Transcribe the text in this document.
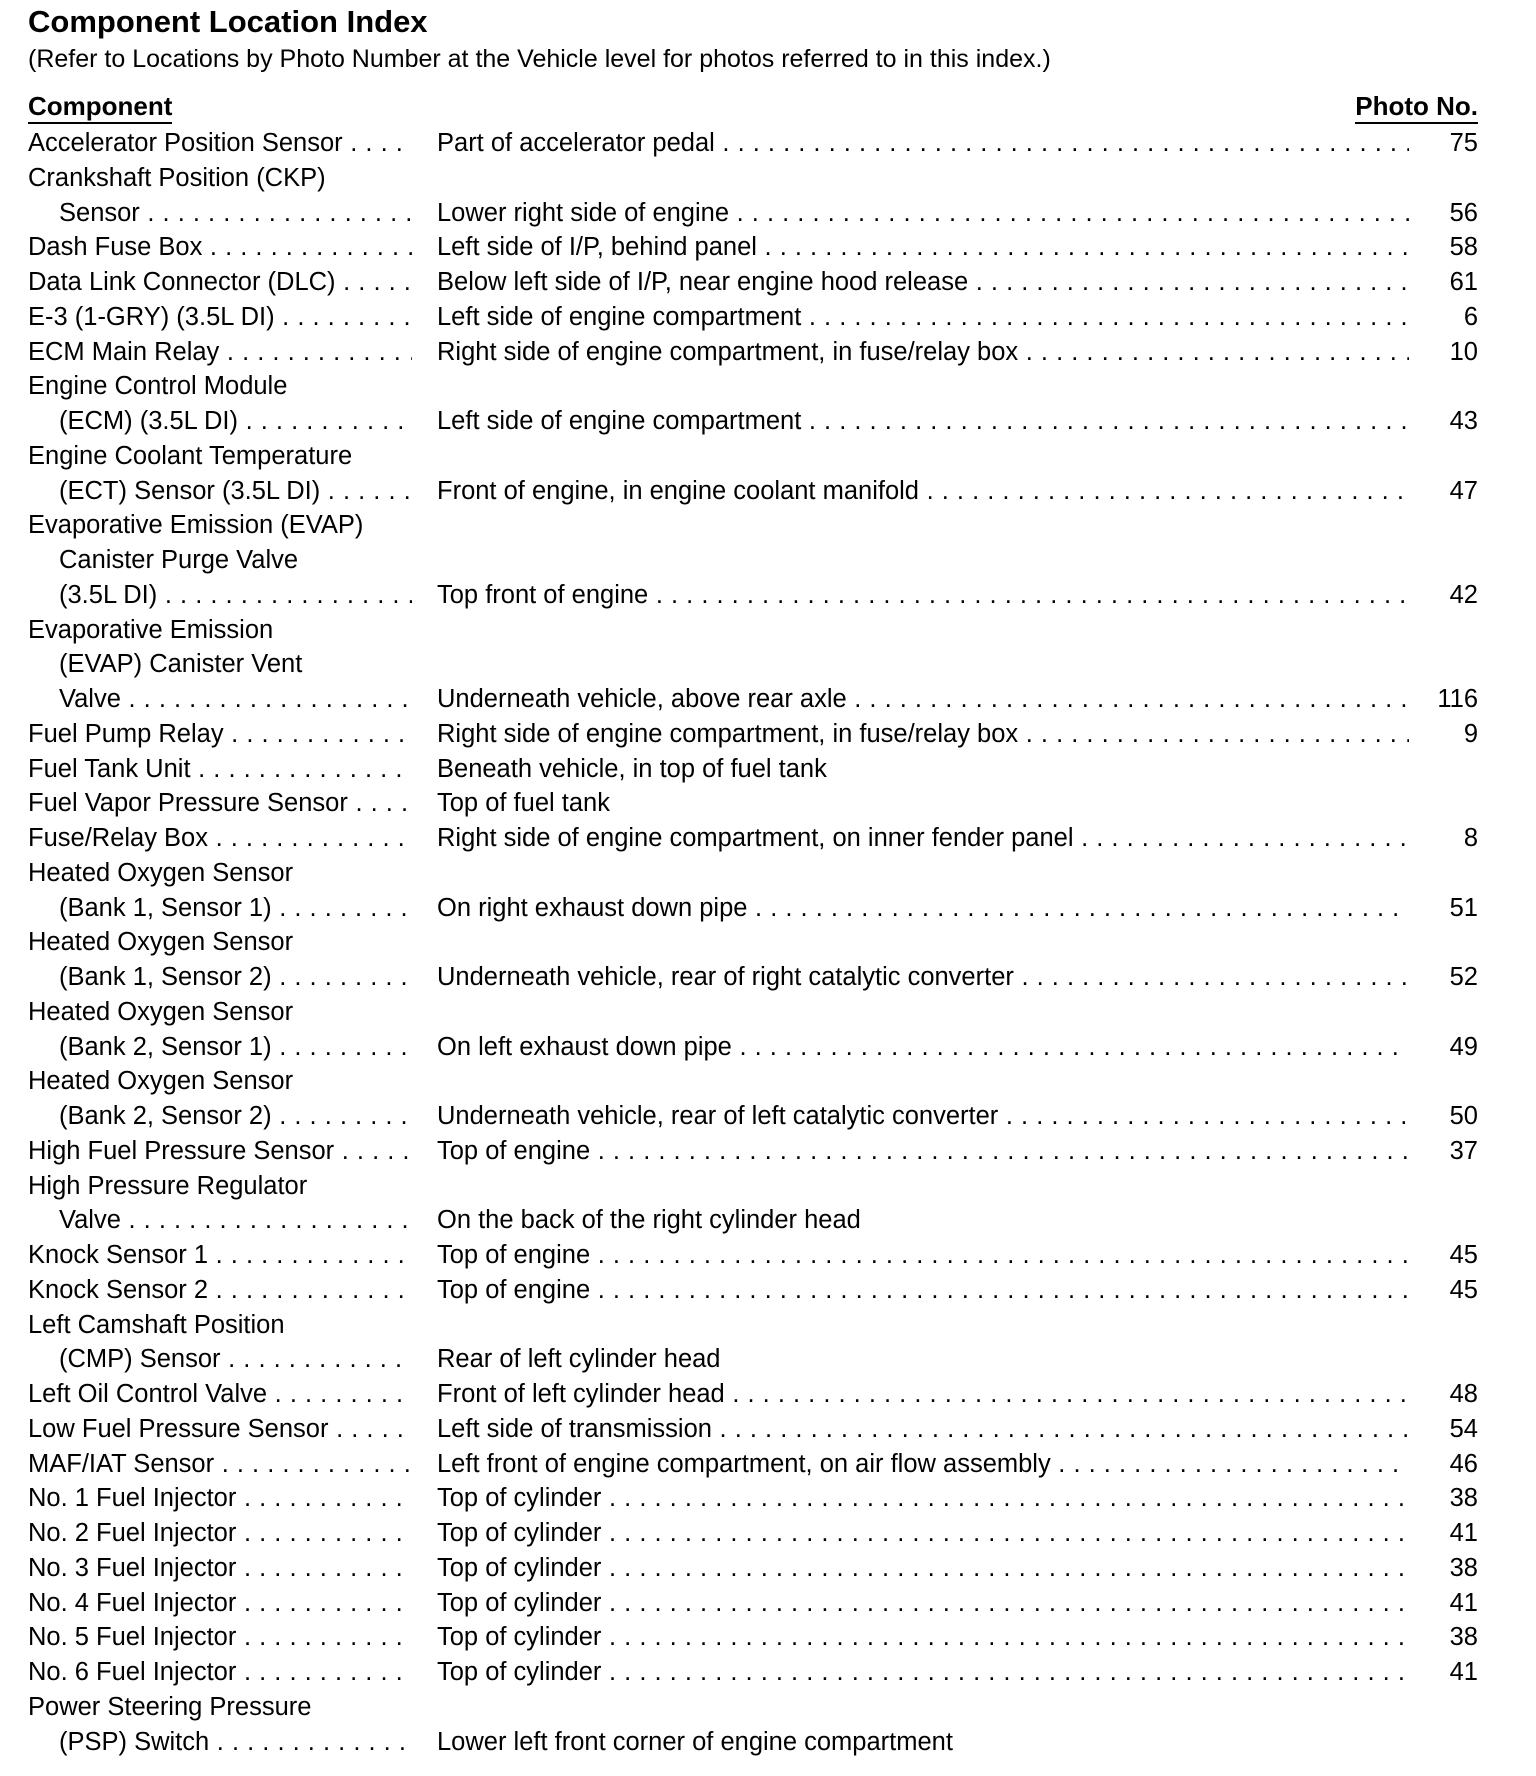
Component Location Index

(Refer to Locations by Photo Number at the Vehicle level for photos referred to in this index.)

Component	Photo No.
Accelerator Position Sensor . . .	Part of accelerator pedal . . .	75
Crankshaft Position (CKP)
Sensor . . .	Lower right side of engine . . .	56
Dash Fuse Box . . .	Left side of I/P, behind panel . . .	58
Data Link Connector (DLC) . . .	Below left side of I/P, near engine hood release . . .	61
E-3 (1-GRY) (3.5L DI) . . .	Left side of engine compartment . . .	6
ECM Main Relay . . .	Right side of engine compartment, in fuse/relay box . . .	10
Engine Control Module
(ECM) (3.5L DI) . . .	Left side of engine compartment . . .	43
Engine Coolant Temperature
(ECT) Sensor (3.5L DI) . . .	Front of engine, in engine coolant manifold . . .	47
Evaporative Emission (EVAP)
Canister Purge Valve
(3.5L DI) . . .	Top front of engine . . .	42
Evaporative Emission
(EVAP) Canister Vent
Valve . . .	Underneath vehicle, above rear axle . . .	116
Fuel Pump Relay . . .	Right side of engine compartment, in fuse/relay box . . .	9
Fuel Tank Unit . . .	Beneath vehicle, in top of fuel tank
Fuel Vapor Pressure Sensor . . .	Top of fuel tank
Fuse/Relay Box . . .	Right side of engine compartment, on inner fender panel . . .	8
Heated Oxygen Sensor
(Bank 1, Sensor 1) . . .	On right exhaust down pipe . . .	51
Heated Oxygen Sensor
(Bank 1, Sensor 2) . . .	Underneath vehicle, rear of right catalytic converter . . .	52
Heated Oxygen Sensor
(Bank 2, Sensor 1) . . .	On left exhaust down pipe . . .	49
Heated Oxygen Sensor
(Bank 2, Sensor 2) . . .	Underneath vehicle, rear of left catalytic converter . . .	50
High Fuel Pressure Sensor . . .	Top of engine . . .	37
High Pressure Regulator
Valve . . .	On the back of the right cylinder head
Knock Sensor 1 . . .	Top of engine . . .	45
Knock Sensor 2 . . .	Top of engine . . .	45
Left Camshaft Position
(CMP) Sensor . . .	Rear of left cylinder head
Left Oil Control Valve . . .	Front of left cylinder head . . .	48
Low Fuel Pressure Sensor . . .	Left side of transmission . . .	54
MAF/IAT Sensor . . .	Left front of engine compartment, on air flow assembly . . .	46
No. 1 Fuel Injector . . .	Top of cylinder . . .	38
No. 2 Fuel Injector . . .	Top of cylinder . . .	41
No. 3 Fuel Injector . . .	Top of cylinder . . .	38
No. 4 Fuel Injector . . .	Top of cylinder . . .	41
No. 5 Fuel Injector . . .	Top of cylinder . . .	38
No. 6 Fuel Injector . . .	Top of cylinder . . .	41
Power Steering Pressure
(PSP) Switch . . .	Lower left front corner of engine compartment
